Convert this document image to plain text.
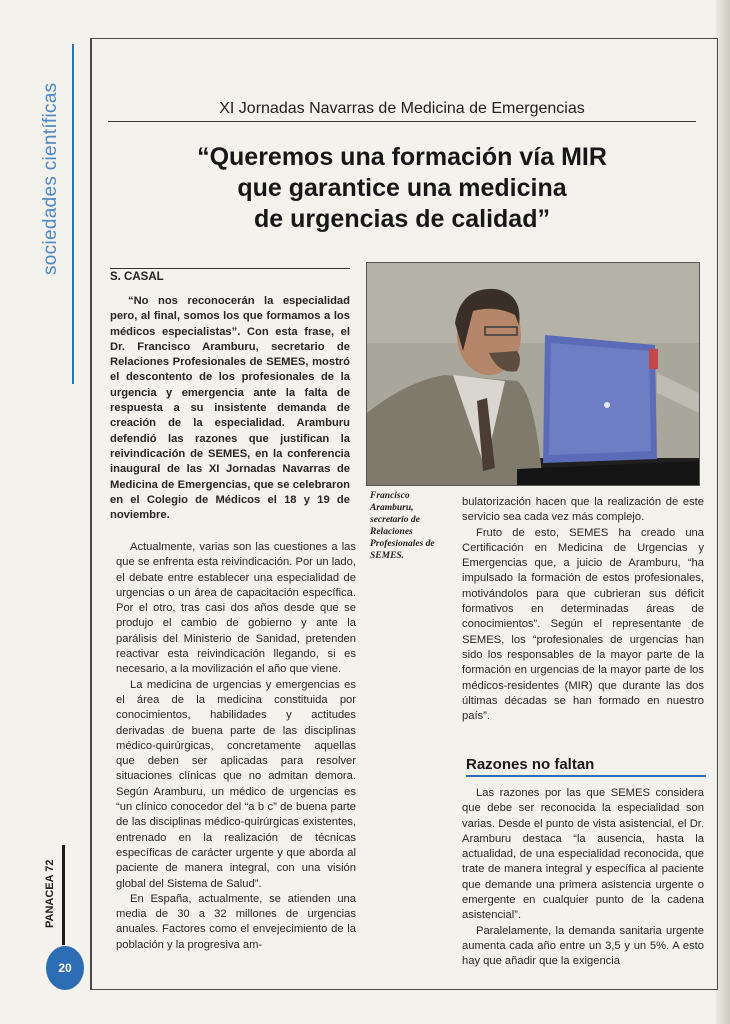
sociedades científicas	XI Jornadas Navarras de Medicina de Emergencias
“Queremos una formación vía MIR
que garantice una medicina
de urgencias de calidad”
S. CASAL

“No nos reconocerán la especialidad pero, al final, somos los que formamos a los médicos especialistas”. Con esta frase, el Dr. Francisco Aramburu, secretario de Relaciones Profesionales de SEMES, mostró el descontento de los profesionales de la urgencia y emergencia ante la falta de respuesta a su insistente demanda de creación de la especialidad. Aramburu defendió las razones que justifican la reivindicación de SEMES, en la conferencia inaugural de las XI Jornadas Navarras de Medicina de Emergencias, que se celebraron en el Colegio de Médicos el 18 y 19 de noviembre.

Actualmente, varias son las cuestiones a las que se enfrenta esta reivindicación. Por un lado, el debate entre establecer una especialidad de urgencias o un área de capacitación específica. Por el otro, tras casi dos años desde que se produjo el cambio de gobierno y ante la parálisis del Ministerio de Sanidad, pretenden reactivar esta reivindicación llegando, si es necesario, a la movilización el año que viene.

La medicina de urgencias y emergencias es el área de la medicina constituida por conocimientos, habilidades y actitudes derivadas de buena parte de las disciplinas médico-quirúrgicas, concretamente aquellas que deben ser aplicadas para resolver situaciones clínicas que no admitan demora. Según Aramburu, un médico de urgencias es “un clínico conocedor del “a b c” de buena parte de las disciplinas médico-quirúrgicas existentes, entrenado en la realización de técnicas específicas de carácter urgente y que aborda al paciente de manera integral, con una visión global del Sistema de Salud”.

En España, actualmente, se atienden una media de 30 a 32 millones de urgencias anuales. Factores como el envejecimiento de la población y la progresiva am-

Francisco Aramburu, secretario de Relaciones Profesionales de SEMES.

bulatorización hacen que la realización de este servicio sea cada vez más complejo.

Fruto de esto, SEMES ha creado una Certificación en Medicina de Urgencias y Emergencias que, a juicio de Aramburu, “ha impulsado la formación de estos profesionales, motivándolos para que cubrieran sus déficit formativos en determinadas áreas de conocimientos”. Según el representante de SEMES, los “profesionales de urgencias han sido los responsables de la mayor parte de la formación en urgencias de la mayor parte de los médicos-residentes (MIR) que durante las dos últimas décadas se han formado en nuestro país”.

Razones no faltan

Las razones por las que SEMES considera que debe ser reconocida la especialidad son varias. Desde el punto de vista asistencial, el Dr. Aramburu destaca “la ausencia, hasta la actualidad, de una especialidad reconocida, que trate de manera integral y específica al paciente que demande una primera asistencia urgente o emergente en cualquier punto de la cadena asistencial”.

Paralelamente, la demanda sanitaria urgente aumenta cada año entre un 3,5 y un 5%. A esto hay que añadir que la exigencia

PANACEA 72
20
